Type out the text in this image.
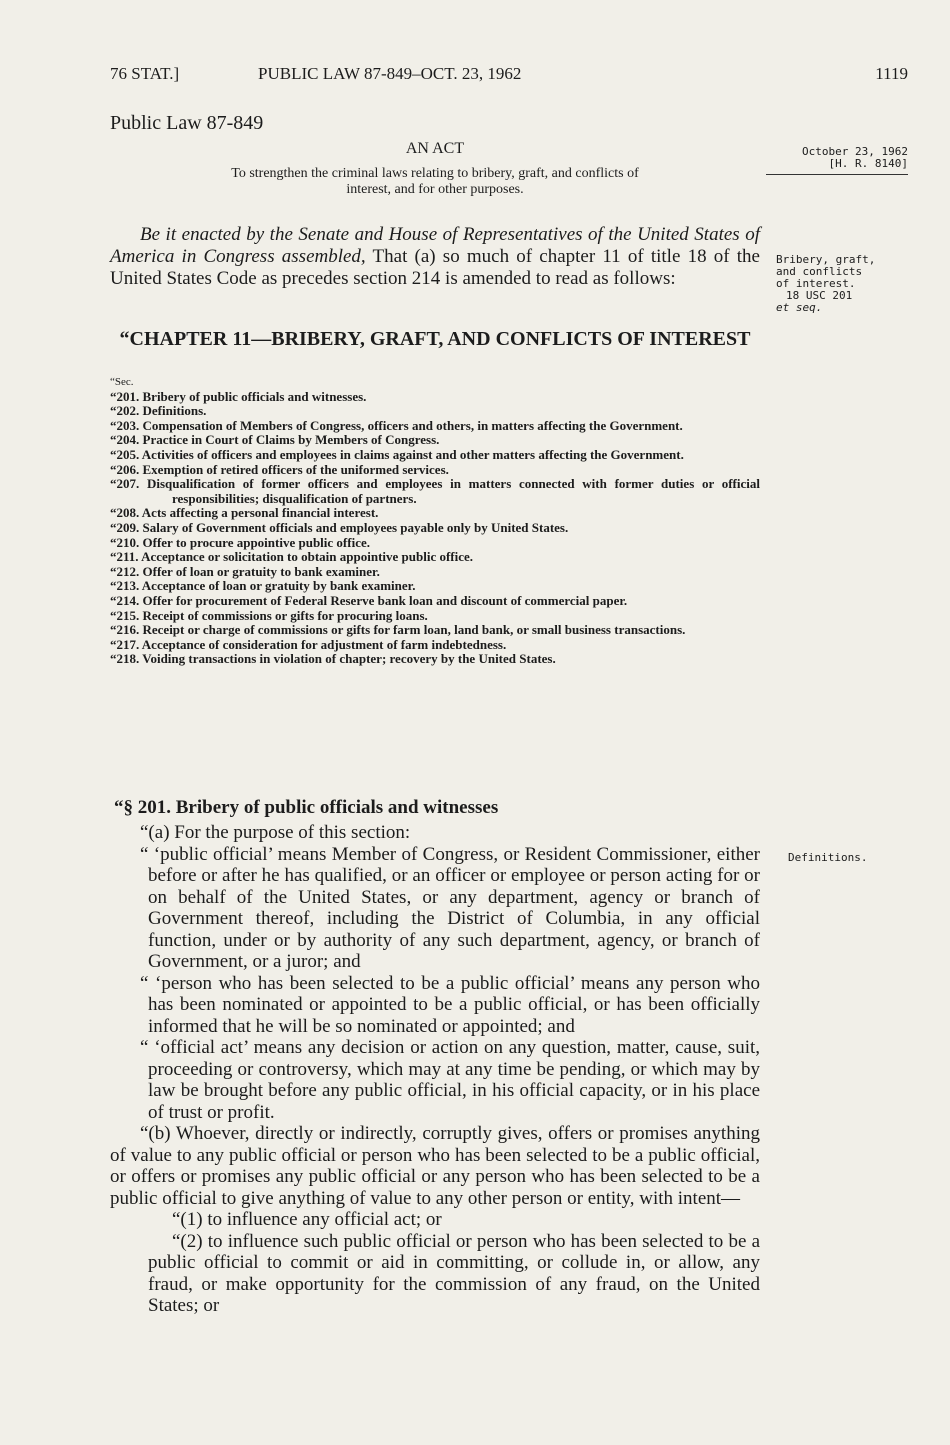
76 STAT.]	PUBLIC LAW 87-849–OCT. 23, 1962	1119
Public Law 87-849
AN ACT
To strengthen the criminal laws relating to bribery, graft, and conflicts of
interest, and for other purposes.
October 23, 1962
[H. R. 8140]

Be it enacted by the Senate and House of Representatives of the United States of America in Congress assembled, That (a) so much of chapter 11 of title 18 of the United States Code as precedes section 214 is amended to read as follows:

Bribery, graft,
and conflicts
of interest.
18 USC 201
et seq.
“CHAPTER 11—BRIBERY, GRAFT, AND CONFLICTS OF INTEREST
“Sec.

“201. Bribery of public officials and witnesses.

“202. Definitions.

“203. Compensation of Members of Congress, officers and others, in matters affecting the Government.

“204. Practice in Court of Claims by Members of Congress.

“205. Activities of officers and employees in claims against and other matters affecting the Government.

“206. Exemption of retired officers of the uniformed services.

“207. Disqualification of former officers and employees in matters connected with former duties or official responsibilities; disqualification of partners.

“208. Acts affecting a personal financial interest.

“209. Salary of Government officials and employees payable only by United States.

“210. Offer to procure appointive public office.

“211. Acceptance or solicitation to obtain appointive public office.

“212. Offer of loan or gratuity to bank examiner.

“213. Acceptance of loan or gratuity by bank examiner.

“214. Offer for procurement of Federal Reserve bank loan and discount of commercial paper.

“215. Receipt of commissions or gifts for procuring loans.

“216. Receipt or charge of commissions or gifts for farm loan, land bank, or small business transactions.

“217. Acceptance of consideration for adjustment of farm indebtedness.

“218. Voiding transactions in violation of chapter; recovery by the United States.

“§ 201. Bribery of public officials and witnesses
Definitions.

“(a) For the purpose of this section:

“ ‘public official’ means Member of Congress, or Resident Commissioner, either before or after he has qualified, or an officer or employee or person acting for or on behalf of the United States, or any department, agency or branch of Government thereof, including the District of Columbia, in any official function, under or by authority of any such department, agency, or branch of Government, or a juror; and

“ ‘person who has been selected to be a public official’ means any person who has been nominated or appointed to be a public official, or has been officially informed that he will be so nominated or appointed; and

“ ‘official act’ means any decision or action on any question, matter, cause, suit, proceeding or controversy, which may at any time be pending, or which may by law be brought before any public official, in his official capacity, or in his place of trust or profit.

“(b) Whoever, directly or indirectly, corruptly gives, offers or promises anything of value to any public official or person who has been selected to be a public official, or offers or promises any public official or any person who has been selected to be a public official to give anything of value to any other person or entity, with intent—

“(1) to influence any official act; or

“(2) to influence such public official or person who has been selected to be a public official to commit or aid in committing, or collude in, or allow, any fraud, or make opportunity for the commission of any fraud, on the United States; or
